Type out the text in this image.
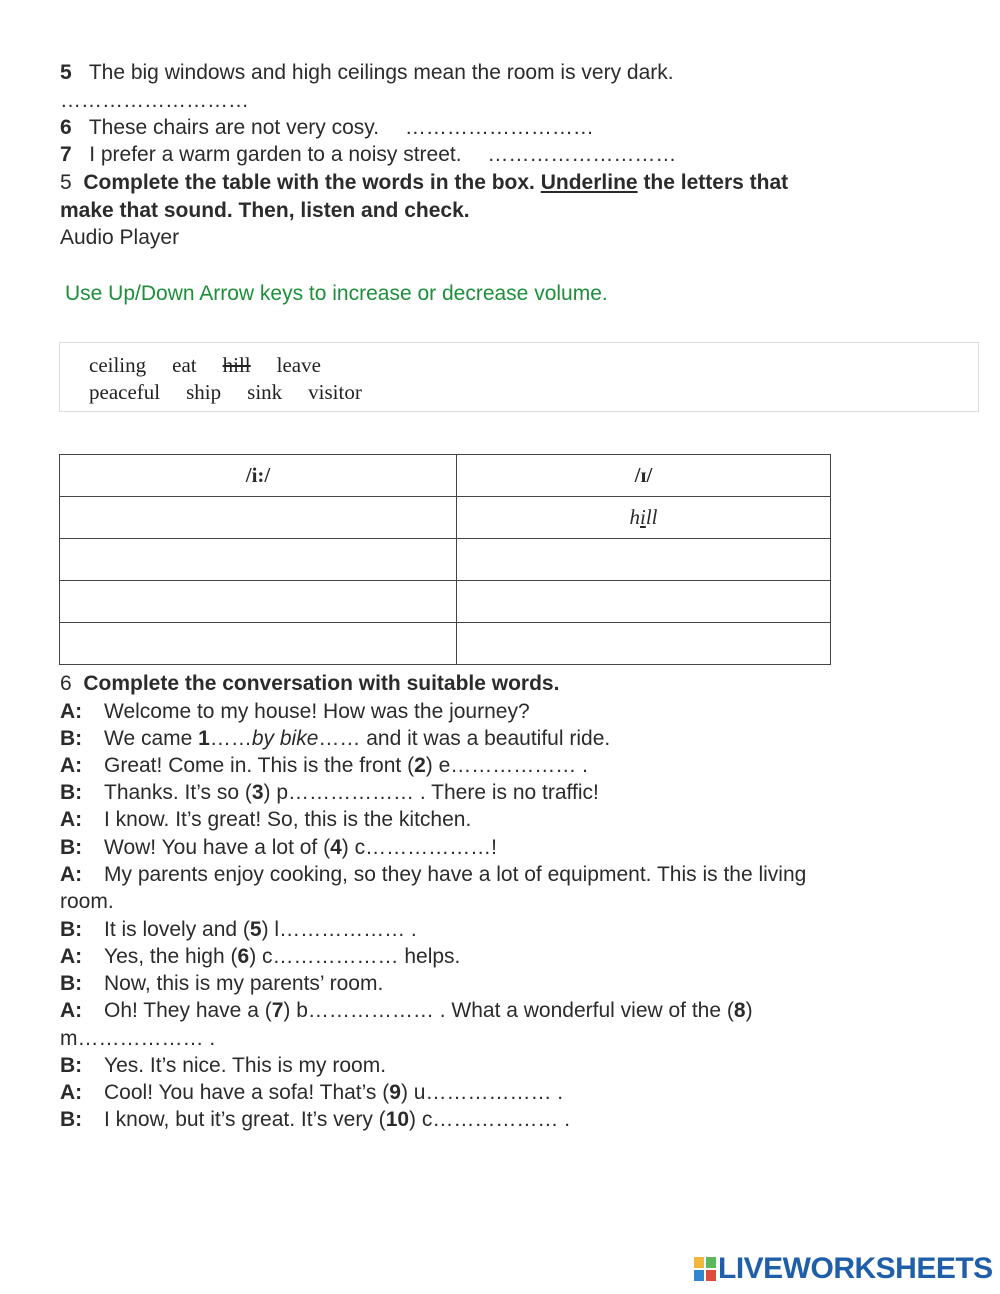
5 The big windows and high ceilings mean the room is very dark.
………………………
6 These chairs are not very cosy. ………………………
7 I prefer a warm garden to a noisy street. ………………………
5 Complete the table with the words in the box. Underline the letters that
make that sound. Then, listen and check.
Audio Player
Use Up/Down Arrow keys to increase or decrease volume.
ceiling eat hill leave
peaceful ship sink visitor
/i:/	/ɪ/
	hill

6 Complete the conversation with suitable words.
A: Welcome to my house! How was the journey?
B: We came 1……by bike…… and it was a beautiful ride.
A: Great! Come in. This is the front (2) e……………… .
B: Thanks. It’s so (3) p……………… . There is no traffic!
A: I know. It’s great! So, this is the kitchen.
B: Wow! You have a lot of (4) c………………!
A: My parents enjoy cooking, so they have a lot of equipment. This is the living
room.
B: It is lovely and (5) l……………… .
A: Yes, the high (6) c……………… helps.
B: Now, this is my parents’ room.
A: Oh! They have a (7) b……………… . What a wonderful view of the (8)
m……………… .
B: Yes. It’s nice. This is my room.
A: Cool! You have a sofa! That’s (9) u……………… .
B: I know, but it’s great. It’s very (10) c……………… .
LIVEWORKSHEETS
